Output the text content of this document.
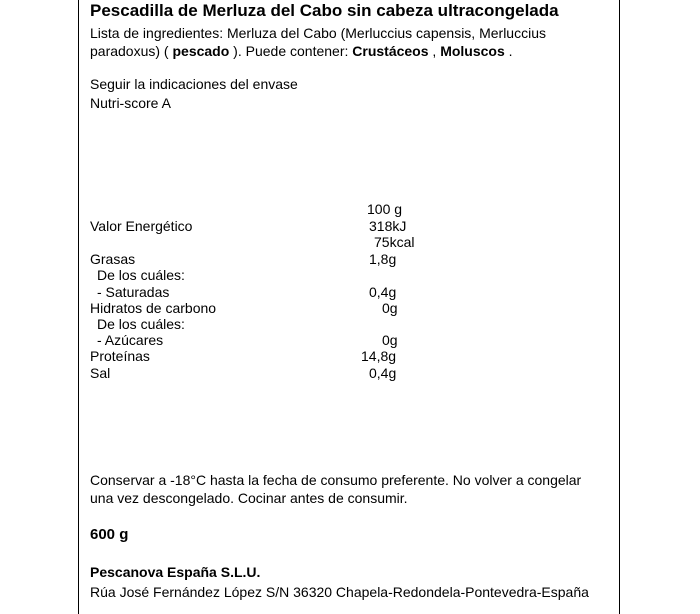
Pescadilla de Merluza del Cabo sin cabeza ultracongelada
Lista de ingredientes: Merluza del Cabo (Merluccius capensis, Merluccius paradoxus) ( pescado ). Puede contener: Crustáceos , Moluscos .
Seguir la indicaciones del envase
Nutri-score A
100 g
Valor Energético	318kJ
75kcal
Grasas	1,8g
De los cuáles:
- Saturadas	0,4g
Hidratos de carbono	0g
De los cuáles:
- Azúcares	0g
Proteínas	14,8g
Sal	0,4g
Conservar a -18°C hasta la fecha de consumo preferente. No volver a congelar una vez descongelado. Cocinar antes de consumir.
600 g
Pescanova España S.L.U.
Rúa José Fernández López S/N 36320 Chapela-Redondela-Pontevedra-España
